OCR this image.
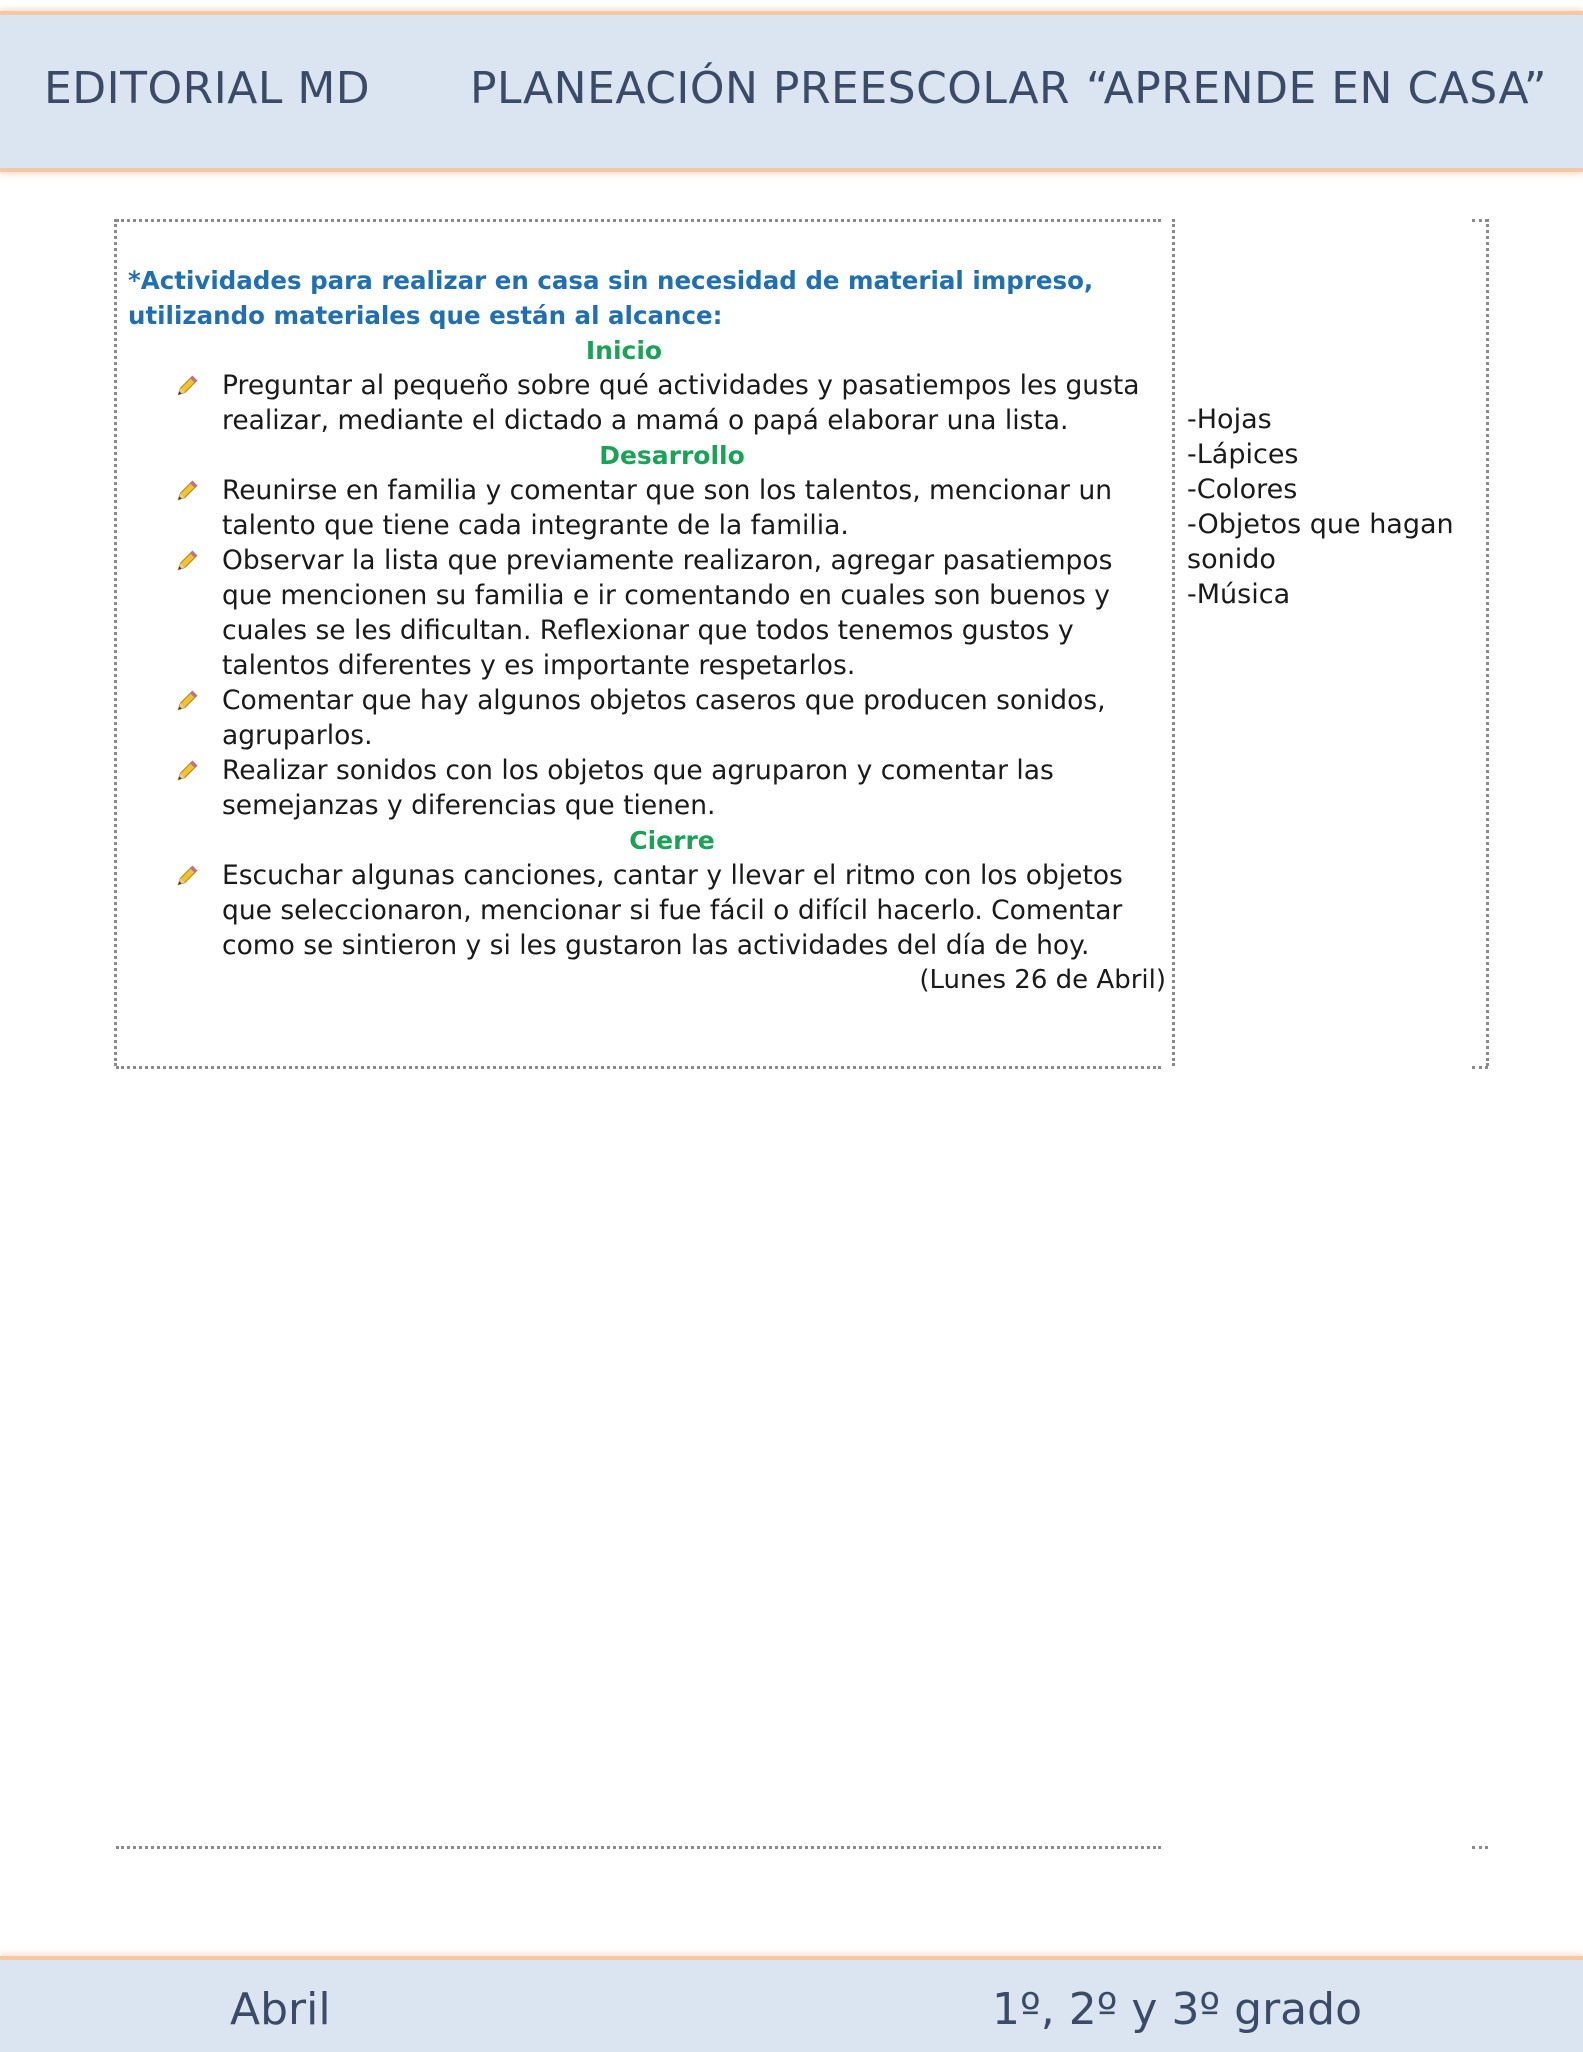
EDITORIAL MD PLANEACIÓN PREESCOLAR “APRENDE EN CASA”

*Actividades para realizar en casa sin necesidad de material impreso, utilizando materiales que están al alcance:

Inicio

Preguntar al pequeño sobre qué actividades y pasatiempos les gusta realizar, mediante el dictado a mamá o papá elaborar una lista.

Desarrollo

Reunirse en familia y comentar que son los talentos, mencionar un talento que tiene cada integrante de la familia.
Observar la lista que previamente realizaron, agregar pasatiempos que mencionen su familia e ir comentando en cuales son buenos y cuales se les dificultan. Reflexionar que todos tenemos gustos y talentos diferentes y es importante respetarlos.
Comentar que hay algunos objetos caseros que producen sonidos, agruparlos.
Realizar sonidos con los objetos que agruparon y comentar las semejanzas y diferencias que tienen.

Cierre

Escuchar algunas canciones, cantar y llevar el ritmo con los objetos que seleccionaron, mencionar si fue fácil o difícil hacerlo. Comentar como se sintieron y si les gustaron las actividades del día de hoy.

(Lunes 26 de Abril)

-Hojas
-Lápices
-Colores
-Objetos que hagan sonido
-Música
Abril	1º, 2º y 3º grado
